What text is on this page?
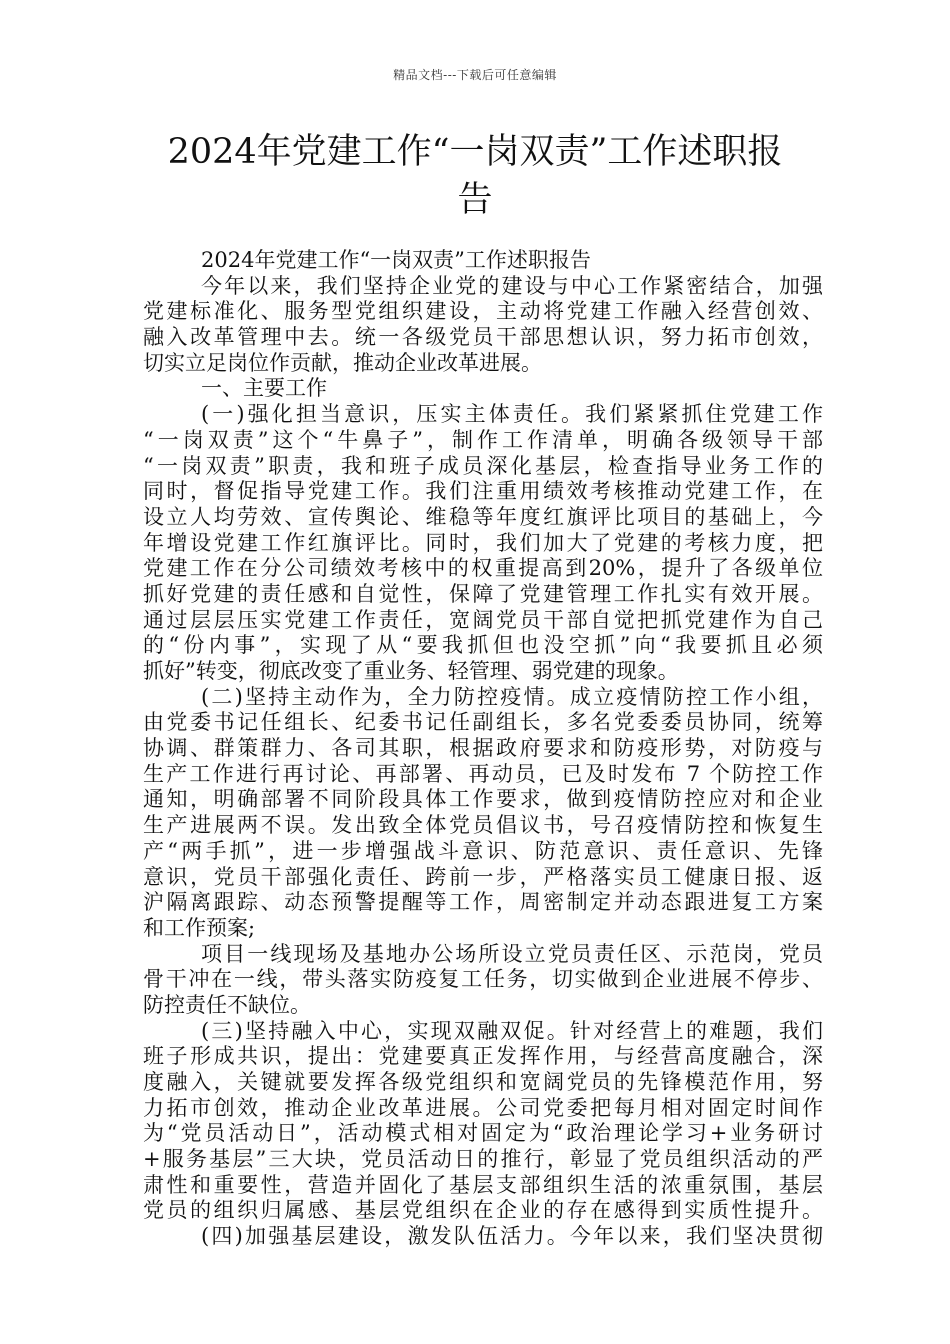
精品文档---下载后可任意编辑
2024年党建工作“一岗双责”工作述职报
告

2024年党建工作“一岗双责”工作述职报告

今年以来，我们坚持企业党的建设与中心工作紧密结合，加强

党建标准化、服务型党组织建设，主动将党建工作融入经营创效、

融入改革管理中去。统一各级党员干部思想认识，努力拓市创效，

切实立足岗位作贡献，推动企业改革进展。

一、主要工作

(一)强化担当意识，压实主体责任。我们紧紧抓住党建工作

“一岗双责”这个“牛鼻子”，制作工作清单，明确各级领导干部

“一岗双责”职责，我和班子成员深化基层，检查指导业务工作的

同时，督促指导党建工作。我们注重用绩效考核推动党建工作，在

设立人均劳效、宣传舆论、维稳等年度红旗评比项目的基础上，今

年增设党建工作红旗评比。同时，我们加大了党建的考核力度，把

党建工作在分公司绩效考核中的权重提高到20%，提升了各级单位

抓好党建的责任感和自觉性，保障了党建管理工作扎实有效开展。

通过层层压实党建工作责任，宽阔党员干部自觉把抓党建作为自己

的“份内事”，实现了从“要我抓但也没空抓”向“我要抓且必须

抓好”转变，彻底改变了重业务、轻管理、弱党建的现象。

(二)坚持主动作为，全力防控疫情。成立疫情防控工作小组，

由党委书记任组长、纪委书记任副组长，多名党委委员协同，统筹

协调、群策群力、各司其职，根据政府要求和防疫形势，对防疫与

生产工作进行再讨论、再部署、再动员，已及时发布 7 个防控工作

通知，明确部署不同阶段具体工作要求，做到疫情防控应对和企业

生产进展两不误。发出致全体党员倡议书，号召疫情防控和恢复生

产“两手抓”，进一步增强战斗意识、防范意识、责任意识、先锋

意识，党员干部强化责任、跨前一步，严格落实员工健康日报、返

沪隔离跟踪、动态预警提醒等工作，周密制定并动态跟进复工方案

和工作预案;

项目一线现场及基地办公场所设立党员责任区、示范岗，党员

骨干冲在一线，带头落实防疫复工任务，切实做到企业进展不停步、

防控责任不缺位。

(三)坚持融入中心，实现双融双促。针对经营上的难题，我们

班子形成共识，提出：党建要真正发挥作用，与经营高度融合，深

度融入，关键就要发挥各级党组织和宽阔党员的先锋模范作用，努

力拓市创效，推动企业改革进展。公司党委把每月相对固定时间作

为“党员活动日”，活动模式相对固定为“政治理论学习+业务研讨

+服务基层”三大块，党员活动日的推行，彰显了党员组织活动的严

肃性和重要性，营造并固化了基层支部组织生活的浓重氛围，基层

党员的组织归属感、基层党组织在企业的存在感得到实质性提升。

(四)加强基层建设，激发队伍活力。今年以来，我们坚决贯彻
